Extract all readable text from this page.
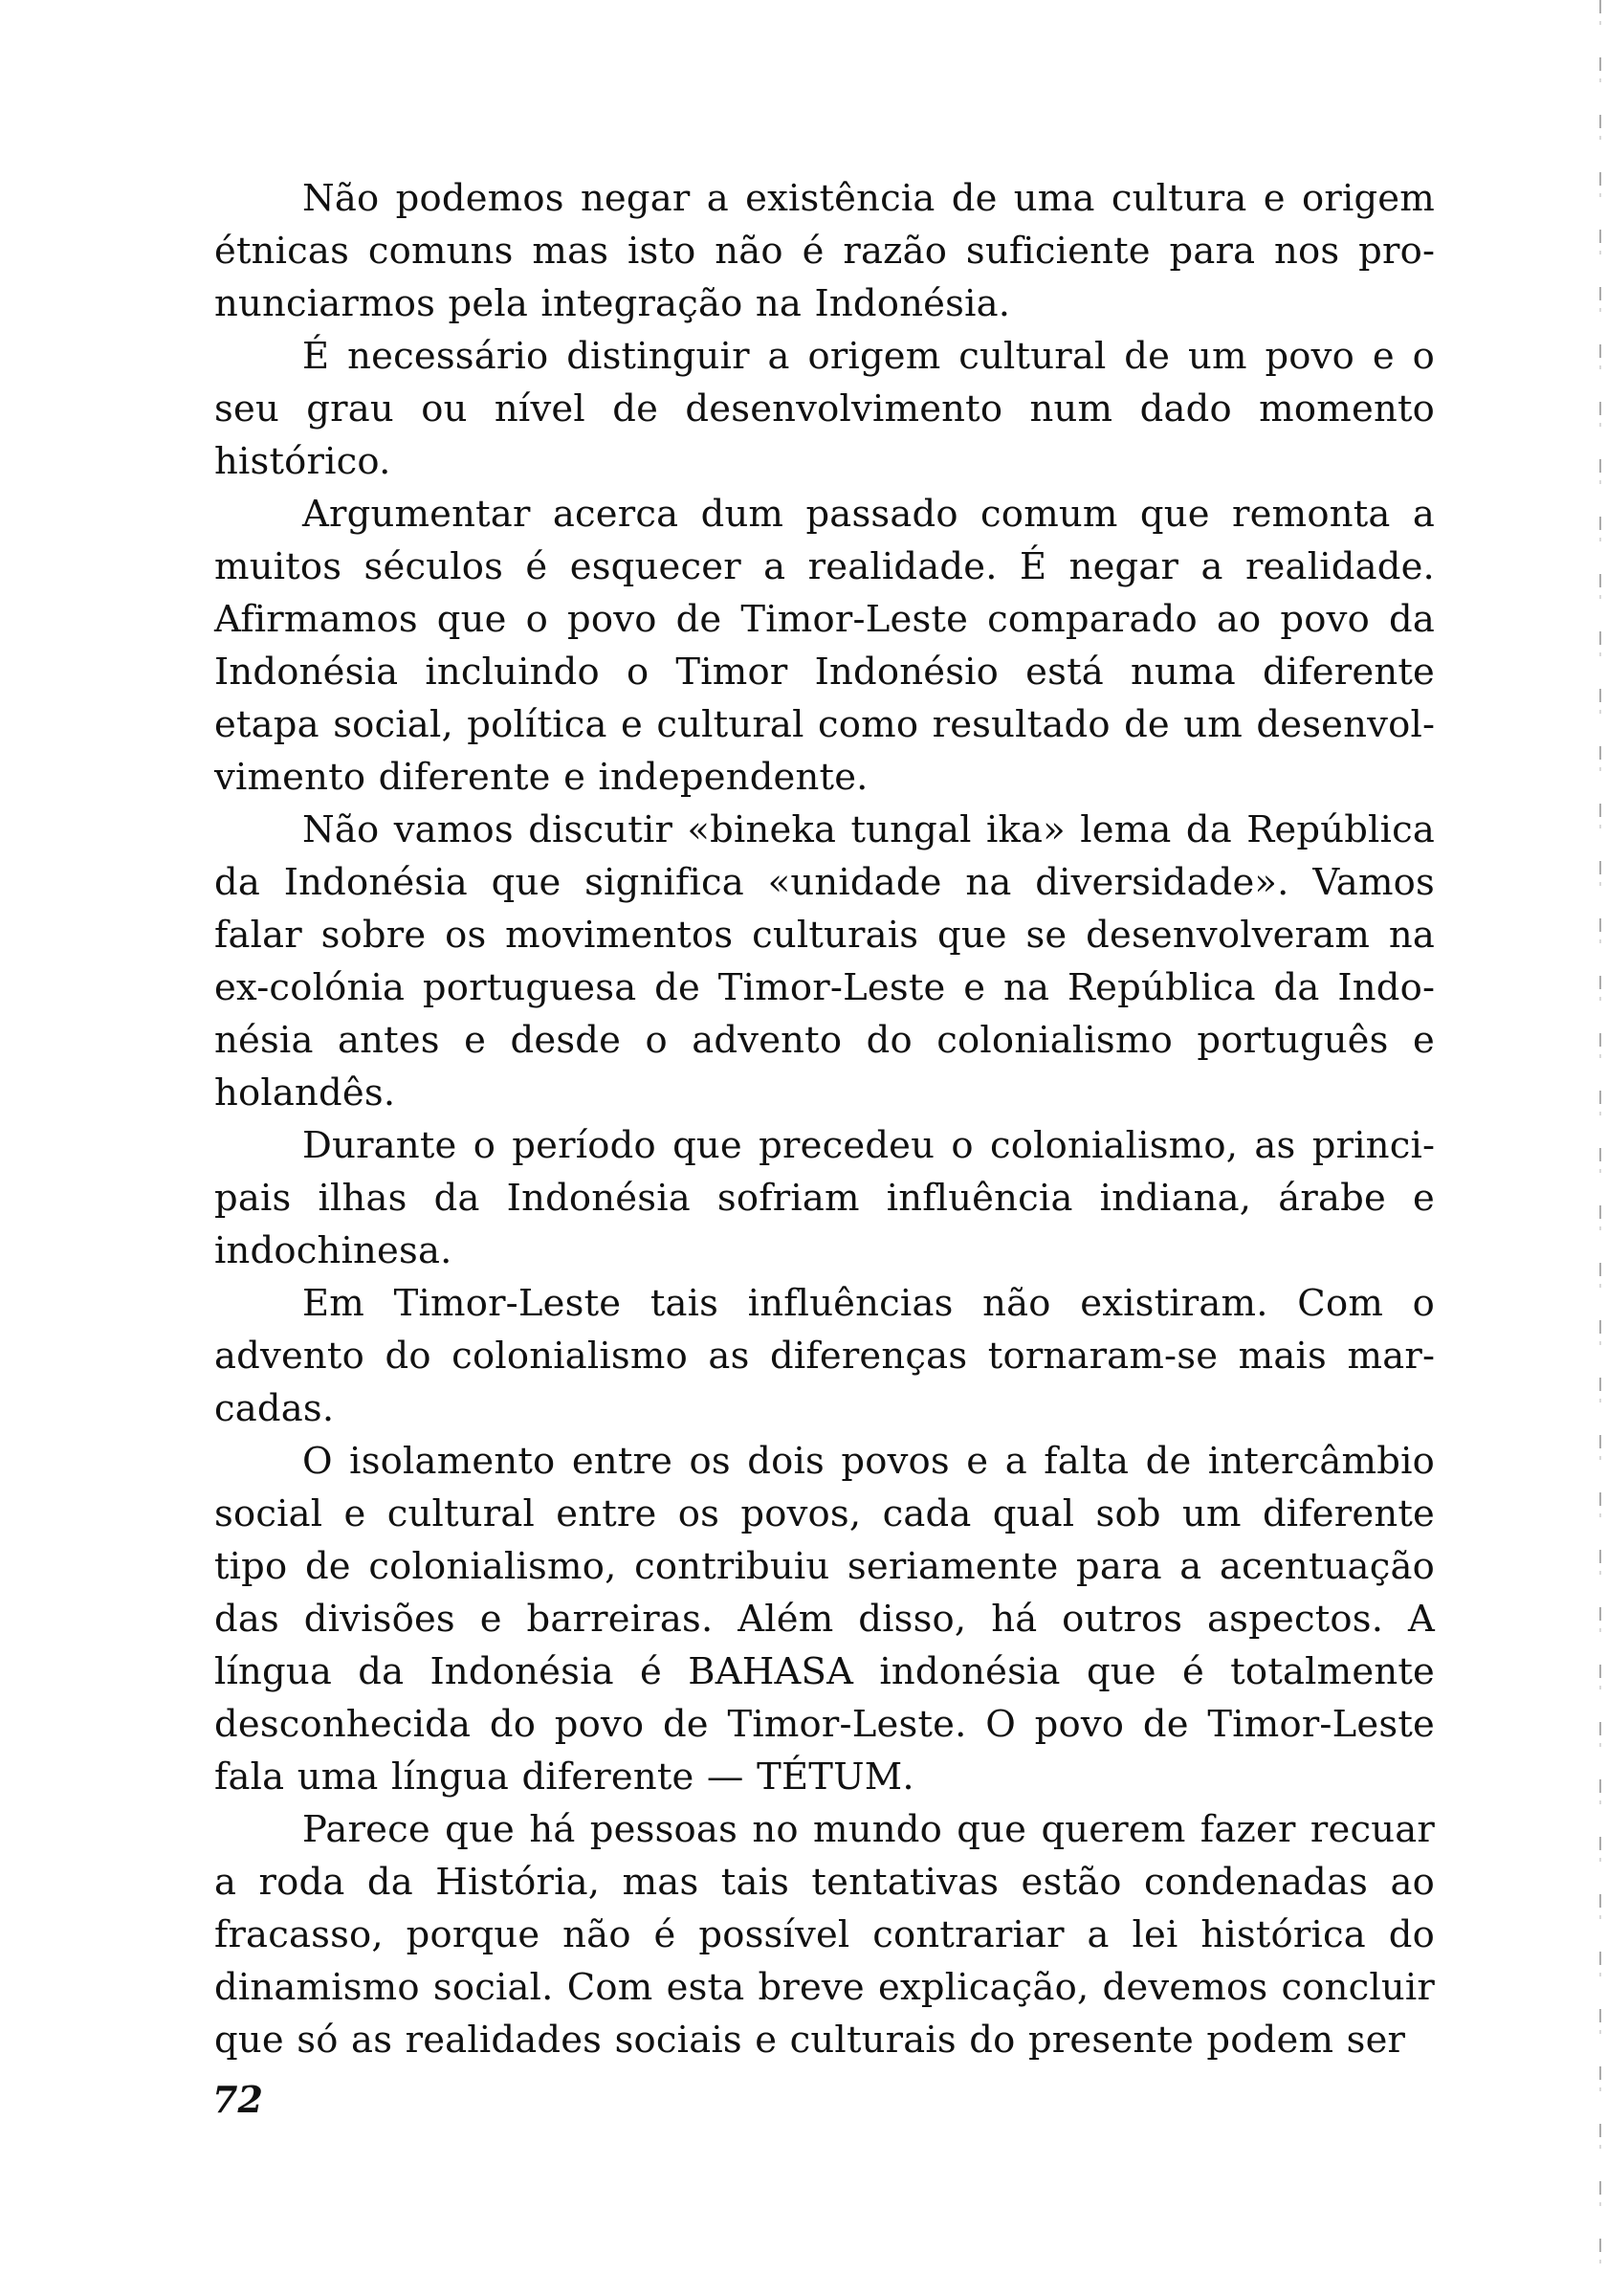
Não podemos negar a existência de uma cultura e origem étnicas comuns mas isto não é razão suficiente para nos pronunciarmos pela integração na Indonésia.

É necessário distinguir a origem cultural de um povo e o seu grau ou nível de desenvolvimento num dado momento histórico.

Argumentar acerca dum passado comum que remonta a muitos séculos é esquecer a realidade. É negar a realidade. Afirmamos que o povo de Timor-Leste comparado ao povo da Indonésia incluindo o Timor Indonésio está numa diferente etapa social, política e cultural como resultado de um desenvolvimento diferente e independente.

Não vamos discutir «bineka tungal ika» lema da República da Indonésia que significa «unidade na diversidade». Vamos falar sobre os movimentos culturais que se desenvolveram na ex-colónia portuguesa de Timor-Leste e na República da Indonésia antes e desde o advento do colonialismo português e holandês.

Durante o período que precedeu o colonialismo, as principais ilhas da Indonésia sofriam influência indiana, árabe e indochinesa.

Em Timor-Leste tais influências não existiram. Com o advento do colonialismo as diferenças tornaram-se mais marcadas.

O isolamento entre os dois povos e a falta de intercâmbio social e cultural entre os povos, cada qual sob um diferente tipo de colonialismo, contribuiu seriamente para a acentuação das divisões e barreiras. Além disso, há outros aspectos. A língua da Indonésia é BAHASA indonésia que é totalmente desconhecida do povo de Timor-Leste. O povo de Timor-Leste fala uma língua diferente — TÉTUM.

Parece que há pessoas no mundo que querem fazer recuar a roda da História, mas tais tentativas estão condenadas ao fracasso, porque não é possível contrariar a lei histórica do dinamismo social. Com esta breve explicação, devemos concluir que só as realidades sociais e culturais do presente podem ser

72
